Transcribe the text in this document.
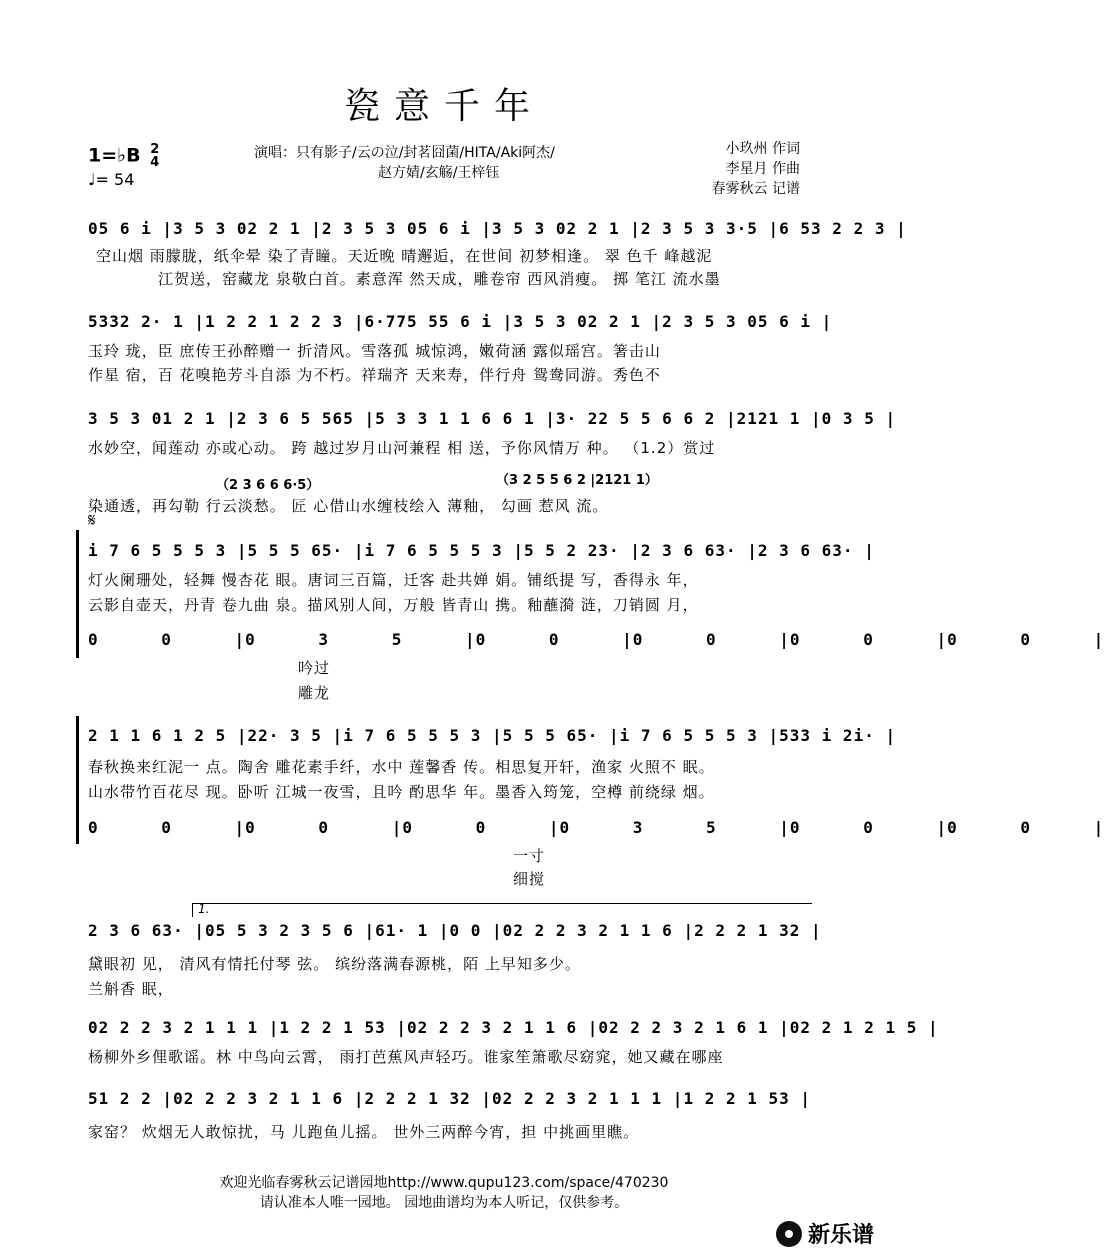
瓷意千年
1=♭B 2
4
♩= 54
演唱：只有影子/云の泣/封茗囧菌/HITA/Aki阿杰/
赵方婧/玄觞/王梓钰
小玖州 作词
李星月 作曲
春雾秋云 记谱
05 6 i |3 5 3 02 2 1 |2 3 5 3 05 6 i |3 5 3 02 2 1 |2 3 5 3 3·5 |6 53 2 2 3 |
空山烟 雨朦胧，纸伞晕 染了青瞳。天近晚 晴邂逅，在世间 初梦相逢。 翠 色千 峰越泥
江贺送，窑藏龙 泉敬白首。素意浑 然天成，雕卷帘 西风消瘦。 掷 笔江 流水墨
5332 2· 1 |1 2 2 1 2 2 3 |6·775 55 6 i |3 5 3 02 2 1 |2 3 5 3 05 6 i |
玉玲 珑，臣 庶传王孙醉赠一 折清风。雪落孤 城惊鸿，嫩荷涵 露似瑶宫。箸击山
作星 宿，百 花嗅艳芳斗自添 为不朽。祥瑞齐 天来寿，伴行舟 鸳鸯同游。秀色不
3 5 3 01 2 1 |2 3 6 5 565 |5 3 3 1 1 6 6 1 |3· 22 5 5 6 6 2 |2121 1 |0 3 5 |
水妙空，闻莲动 亦或心动。 跨 越过岁月山河兼程 相 送，予你风情万 种。 （1.2）赏过
（2 3 6 6 6·5）	（3 2 5 5 6 2 |2121 1）
染通透，再勾勒 行云淡愁。 匠 心借山水缠枝绘入 薄釉， 勾画 惹风 流。
𝄋
i 7 6 5 5 5 3 |5 5 5 65· |i 7 6 5 5 5 3 |5 5 2 23· |2 3 6 63· |2 3 6 63· |
灯火阑珊处，轻舞 慢杏花 眼。唐词三百篇，迁客 赴共婵 娟。铺纸提 写，香得永 年，
云影自壶天，丹青 卷九曲 泉。描风别人间，万般 皆青山 携。釉蘸漪 涟，刀销圆 月，
0 0 |0 3 5 |0 0 |0 0 |0 0 |0 0 |
吟过
雕龙
2 1 1 6 1 2 5 |22· 3 5 |i 7 6 5 5 5 3 |5 5 5 65· |i 7 6 5 5 5 3 |533 i 2i· |
春秋换来红泥一 点。陶舍 雕花素手纤，水中 莲馨香 传。相思复开轩，渔家 火照不 眠。
山水带竹百花尽 现。卧听 江城一夜雪，且吟 酌思华 年。墨香入筠笼，空樽 前绕绿 烟。
0 0 |0 0 |0 0 |0 3 5 |0 0 |0 0 |
一寸
细搅
1.
2 3 6 63· |05 5 3 2 3 5 6 |61· 1 |0 0 |02 2 2 3 2 1 1 6 |2 2 2 1 32 |
黛眼初 见， 清风有情托付琴 弦。 缤纷落满春源桃，陌 上早知多少。
兰斛香 眠，
02 2 2 3 2 1 1 1 |1 2 2 1 53 |02 2 2 3 2 1 1 6 |02 2 2 3 2 1 6 1 |02 2 1 2 1 5 |
杨柳外乡俚歌谣。林 中鸟向云霄， 雨打芭蕉风声轻巧。谁家笙箫歌尽窈窕，她又藏在哪座
51 2 2 |02 2 2 3 2 1 1 6 |2 2 2 1 32 |02 2 2 3 2 1 1 1 |1 2 2 1 53 |
家窑？ 炊烟无人敢惊扰，马 儿跑鱼儿摇。 世外三两醉今宵，担 中挑画里瞧。
欢迎光临春雾秋云记谱园地http://www.qupu123.com/space/470230
请认准本人唯一园地。 园地曲谱均为本人听记，仅供参考。
新乐谱
